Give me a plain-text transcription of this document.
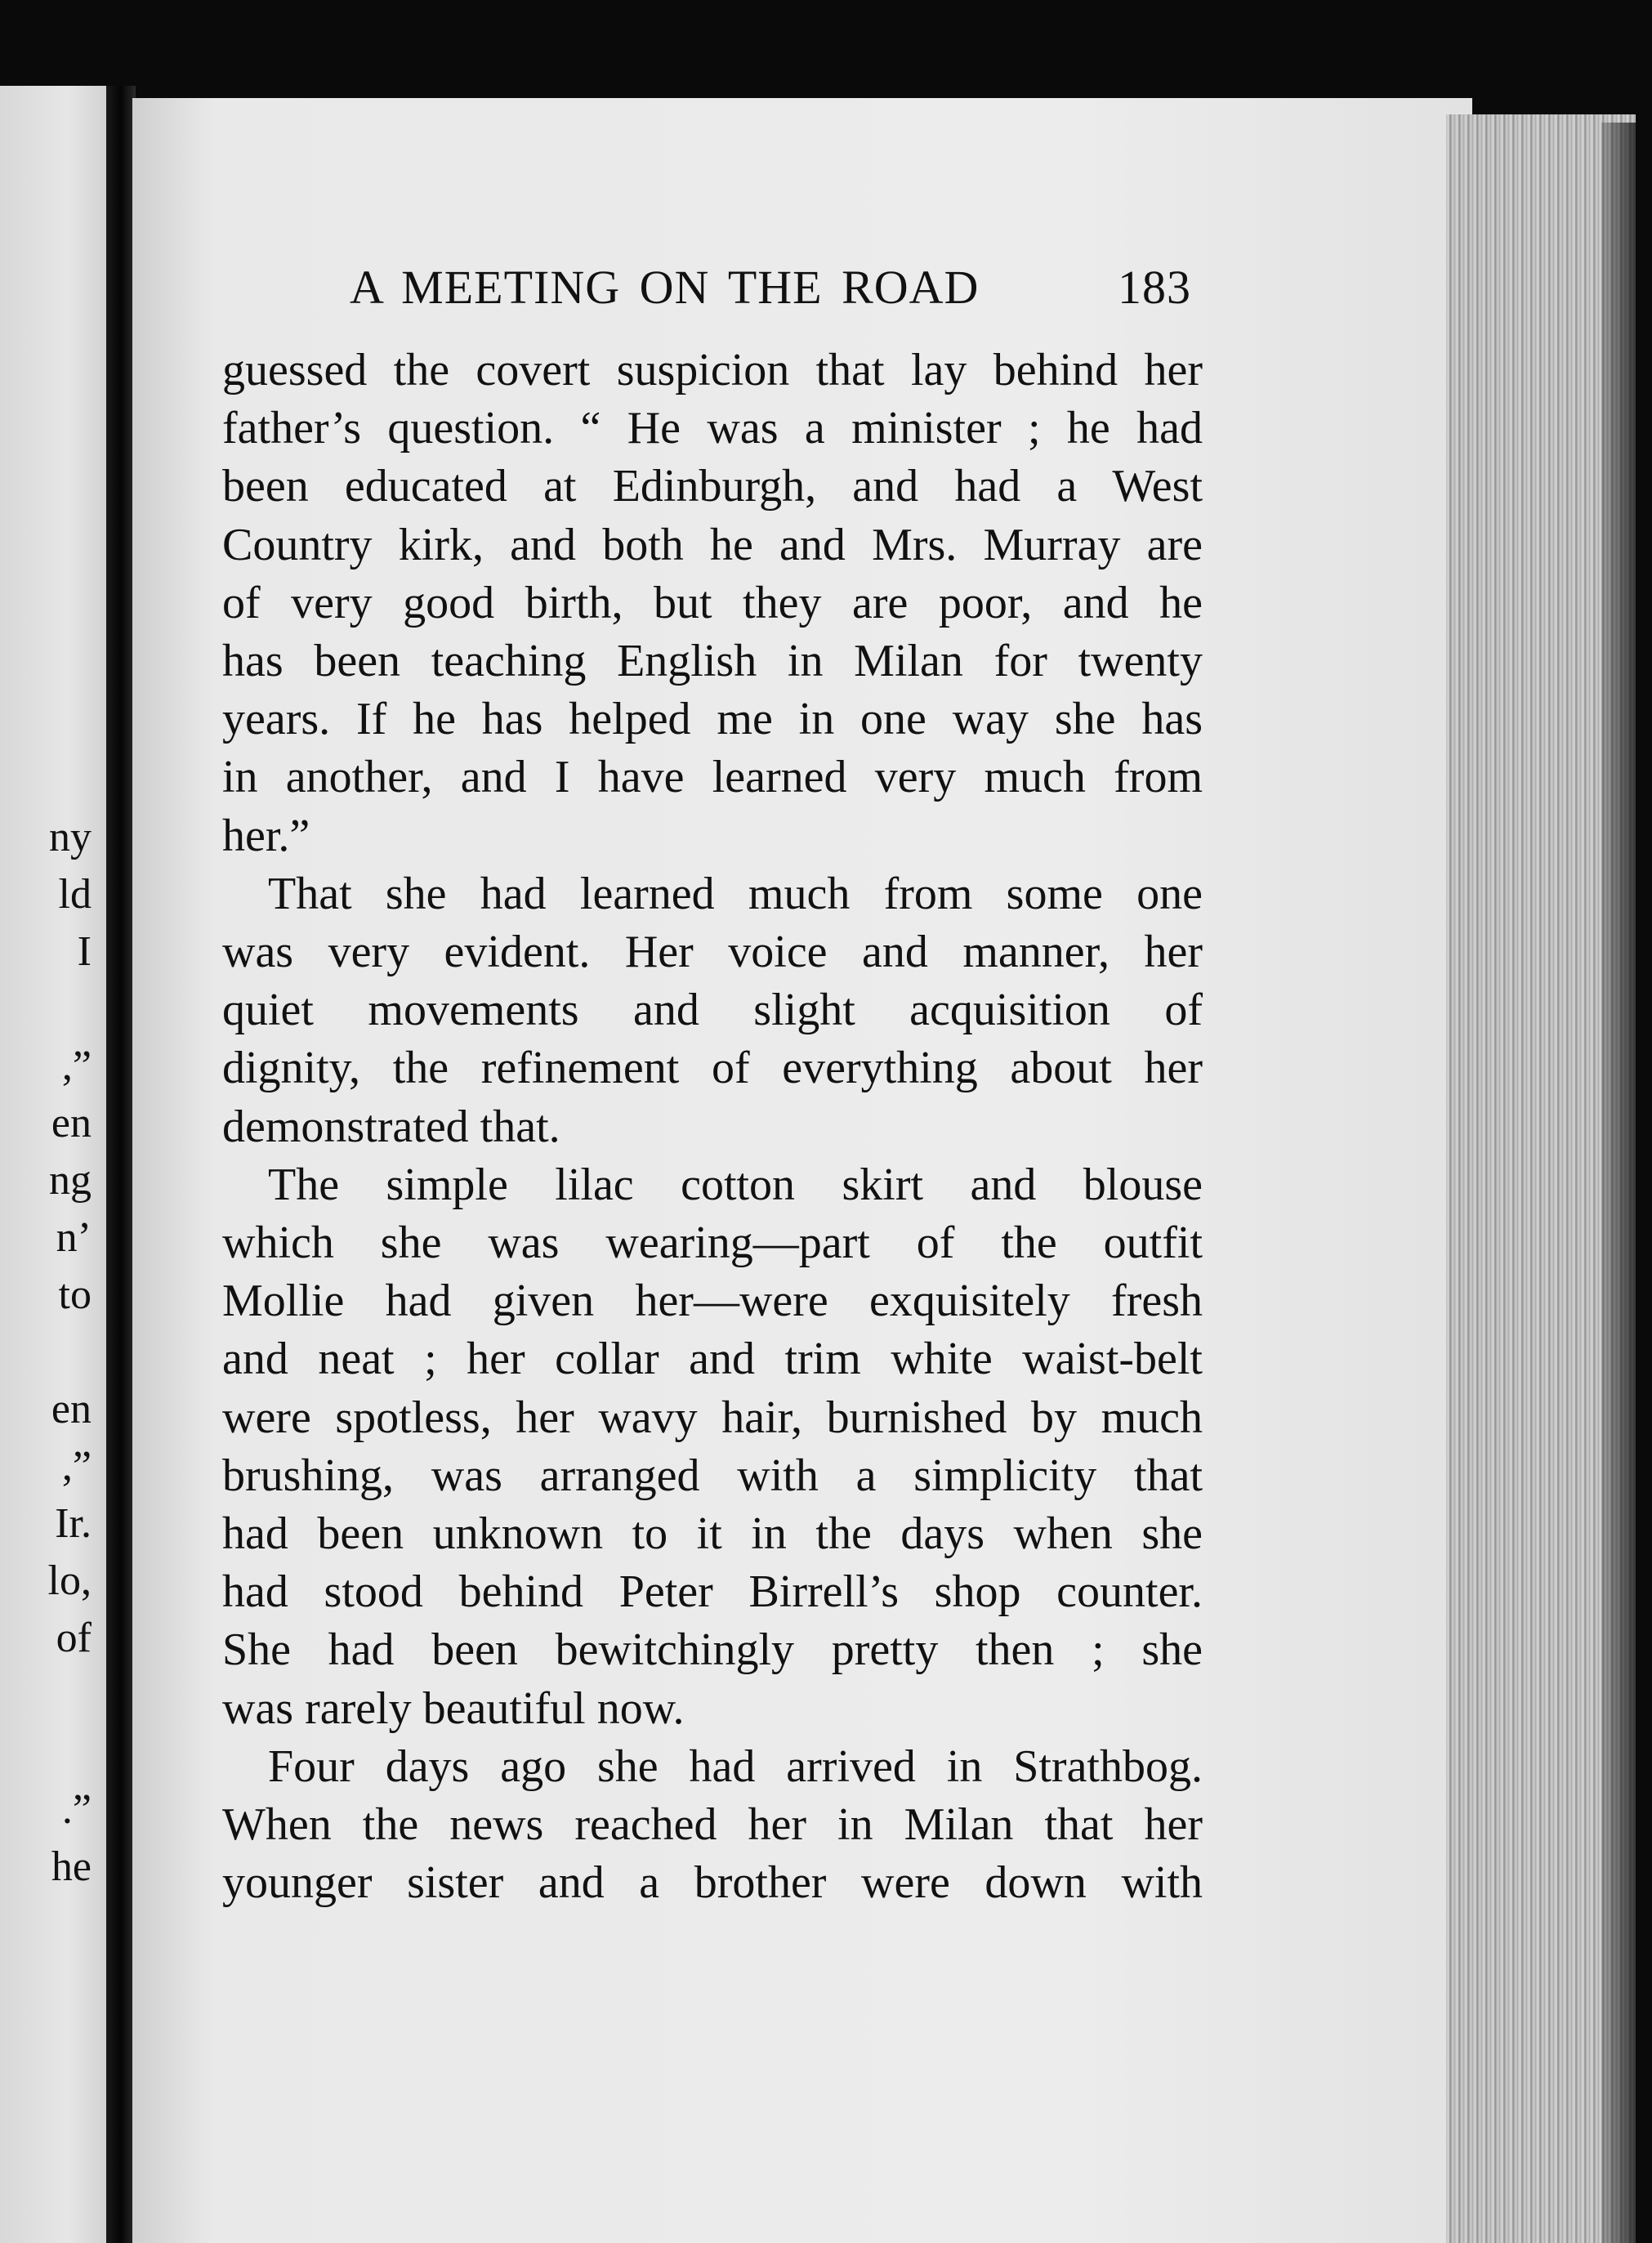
ny
ld
I
,”
en
ng
n’
to
en
,”
Ir.
lo,
of
.”
he
A MEETING ON THE ROAD	183

guessed the covert suspicion that lay behind her
father’s question. “ He was a minister ; he had
been educated at Edinburgh, and had a West
Country kirk, and both he and Mrs. Murray are
of very good birth, but they are poor, and he
has been teaching English in Milan for twenty
years. If he has helped me in one way she has
in another, and I have learned very much from
her.”

That she had learned much from some one
was very evident. Her voice and manner, her
quiet movements and slight acquisition of
dignity, the refinement of everything about her
demonstrated that.

The simple lilac cotton skirt and blouse
which she was wearing—part of the outfit
Mollie had given her—were exquisitely fresh
and neat ; her collar and trim white waist-belt
were spotless, her wavy hair, burnished by much
brushing, was arranged with a simplicity that
had been unknown to it in the days when she
had stood behind Peter Birrell’s shop counter.
She had been bewitchingly pretty then ; she
was rarely beautiful now.

Four days ago she had arrived in Strathbog.
When the news reached her in Milan that her
younger sister and a brother were down with
